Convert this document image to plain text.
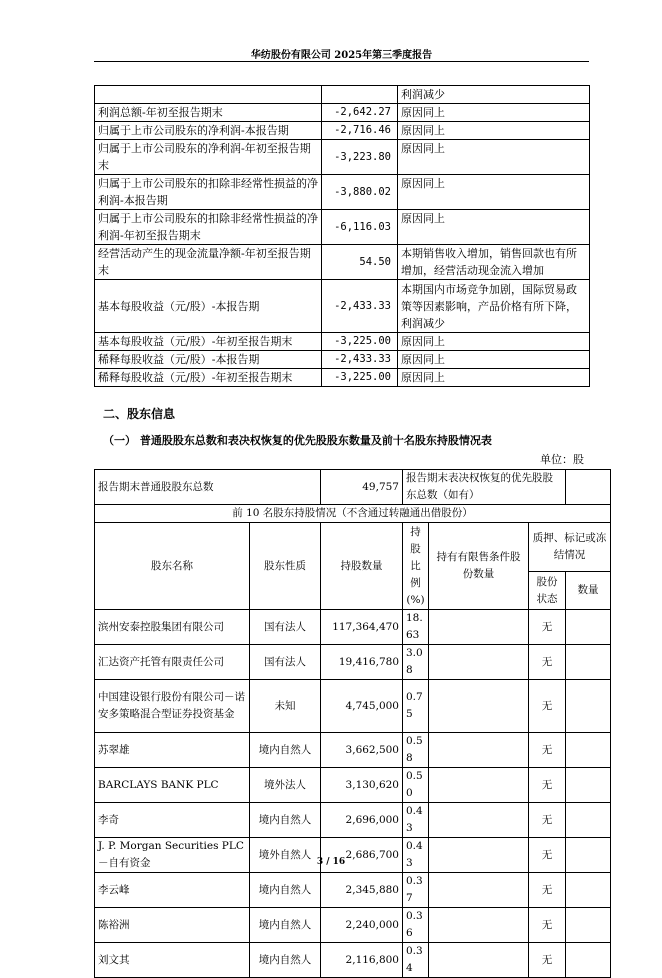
华纺股份有限公司 2025年第三季度报告
		利润减少
利润总额-年初至报告期末	-2,642.27	原因同上
归属于上市公司股东的净利润-本报告期	-2,716.46	原因同上
归属于上市公司股东的净利润-年初至报告期末	-3,223.80	原因同上
归属于上市公司股东的扣除非经常性损益的净利润-本报告期	-3,880.02	原因同上
归属于上市公司股东的扣除非经常性损益的净利润-年初至报告期末	-6,116.03	原因同上
经营活动产生的现金流量净额-年初至报告期末	54.50	本期销售收入增加，销售回款也有所增加，经营活动现金流入增加
基本每股收益（元/股）-本报告期	-2,433.33	本期国内市场竞争加剧，国际贸易政策等因素影响，产品价格有所下降，利润减少
基本每股收益（元/股）-年初至报告期末	-3,225.00	原因同上
稀释每股收益（元/股）-本报告期	-2,433.33	原因同上
稀释每股收益（元/股）-年初至报告期末	-3,225.00	原因同上
二、股东信息
（一） 普通股股东总数和表决权恢复的优先股股东数量及前十名股东持股情况表
单位：股
报告期末普通股股东总数		49,757	报告期末表决权恢复的优先股股东总数（如有）			
前 10 名股东持股情况（不含通过转融通出借股份）						
股东名称	股东性质	持股数量	持股比例(%)	持有有限售条件股份数量	质押、标记或冻结情况	
					股份状态	数量
滨州安泰控股集团有限公司	国有法人	117,364,470	18.63		无	
汇达资产托管有限责任公司	国有法人	19,416,780	3.08		无	
中国建设银行股份有限公司－诺安多策略混合型证券投资基金	未知	4,745,000	0.75		无	
苏翠雄	境内自然人	3,662,500	0.58		无	
BARCLAYS BANK PLC	境外法人	3,130,620	0.50		无	
李奇	境内自然人	2,696,000	0.43		无	
J. P. Morgan Securities PLC－自有资金	境外自然人	2,686,700	0.43		无	
李云峰	境内自然人	2,345,880	0.37		无	
陈裕洲	境内自然人	2,240,000	0.36		无	
刘文其	境内自然人	2,116,800	0.34		无	
3 / 16
